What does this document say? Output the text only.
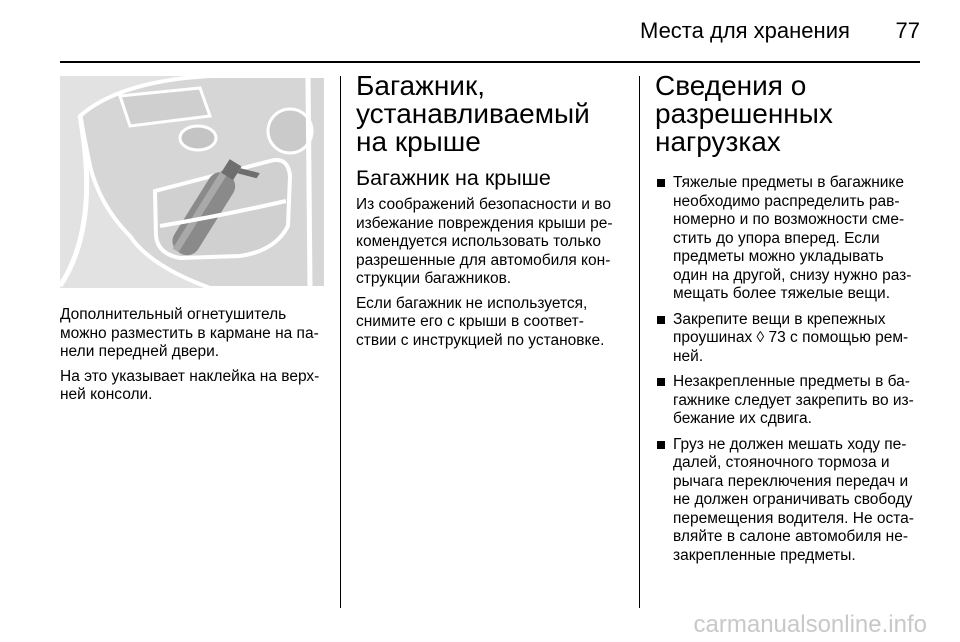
Места для хранения	77

Дополнительный огнетушитель можно разместить в кармане на па-нели передней двери.

На это указывает наклейка на верх-ней консоли.

Багажник, устанавливаемый на крыше
Багажник на крыше

Из соображений безопасности и во избежание повреждения крыши ре-комендуется использовать только разрешенные для автомобиля кон-струкции багажников.

Если багажник не используется, снимите его с крыши в соответ-ствии с инструкцией по установке.

Сведения о разрешенных нагрузках
Тяжелые предметы в багажнике необходимо распределить рав-номерно и по возможности сме-стить до упора вперед. Если предметы можно укладывать один на другой, снизу нужно раз-мещать более тяжелые вещи.
Закрепите вещи в крепежных проушинах ◊ 73 с помощью рем-ней.
Незакрепленные предметы в ба-гажнике следует закрепить во из-бежание их сдвига.
Груз не должен мешать ходу пе-далей, стояночного тормоза и рычага переключения передач и не должен ограничивать свободу перемещения водителя. Не оста-вляйте в салоне автомобиля не-закрепленные предметы.
carmanualsonline.info
